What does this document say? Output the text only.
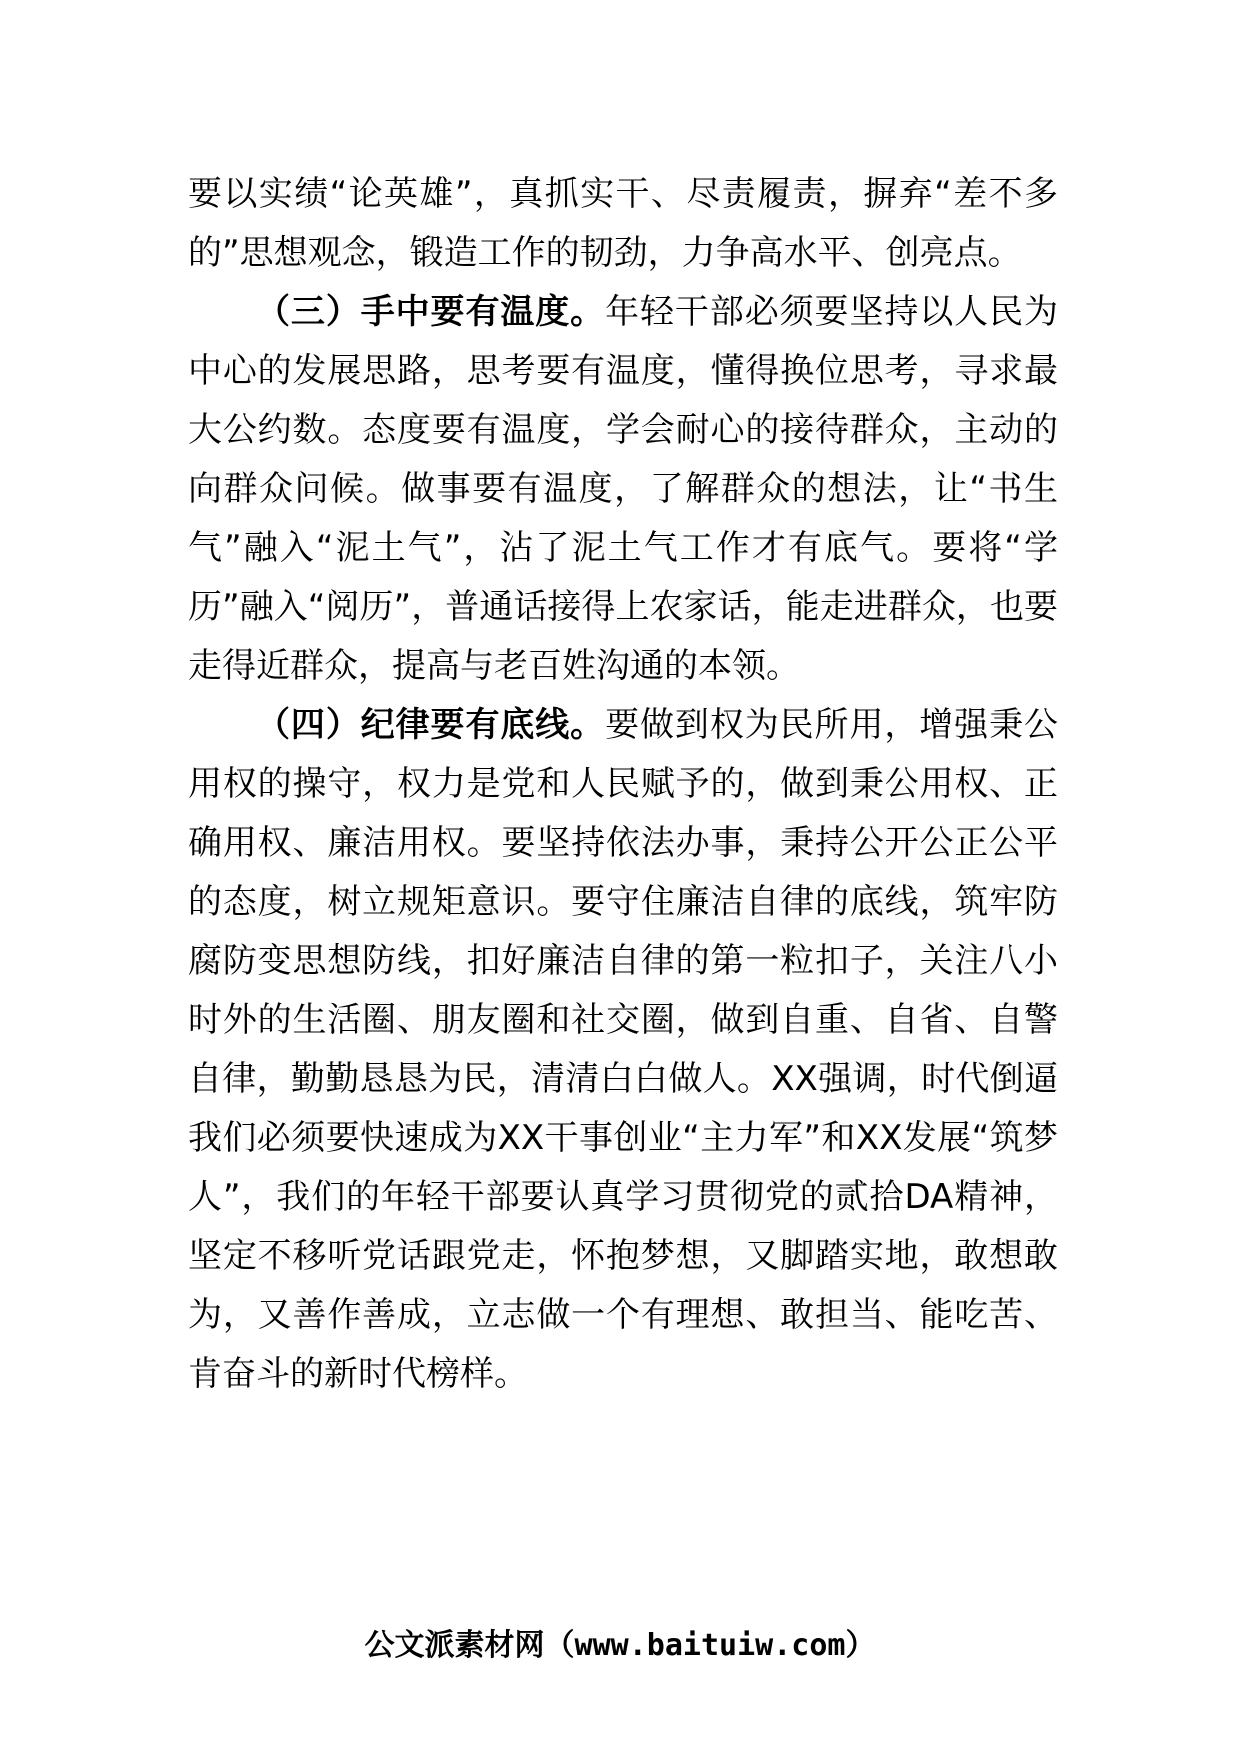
要以实绩“论英雄”，真抓实干、尽责履责，摒弃“差不多的”思想观念，锻造工作的韧劲，力争高水平、创亮点。

（三）手中要有温度。年轻干部必须要坚持以人民为中心的发展思路，思考要有温度，懂得换位思考，寻求最大公约数。态度要有温度，学会耐心的接待群众，主动的向群众问候。做事要有温度，了解群众的想法，让“书生气”融入“泥土气”，沾了泥土气工作才有底气。要将“学历”融入“阅历”，普通话接得上农家话，能走进群众，也要走得近群众，提高与老百姓沟通的本领。

（四）纪律要有底线。要做到权为民所用，增强秉公用权的操守，权力是党和人民赋予的，做到秉公用权、正确用权、廉洁用权。要坚持依法办事，秉持公开公正公平的态度，树立规矩意识。要守住廉洁自律的底线，筑牢防腐防变思想防线，扣好廉洁自律的第一粒扣子，关注八小时外的生活圈、朋友圈和社交圈，做到自重、自省、自警自律，勤勤恳恳为民，清清白白做人。XX强调，时代倒逼我们必须要快速成为XX干事创业“主力军”和XX发展“筑梦人”，我们的年轻干部要认真学习贯彻党的贰拾DA精神，坚定不移听党话跟党走，怀抱梦想，又脚踏实地，敢想敢为，又善作善成，立志做一个有理想、敢担当、能吃苦、肯奋斗的新时代榜样。

公文派素材网（www.baituiw.com）
